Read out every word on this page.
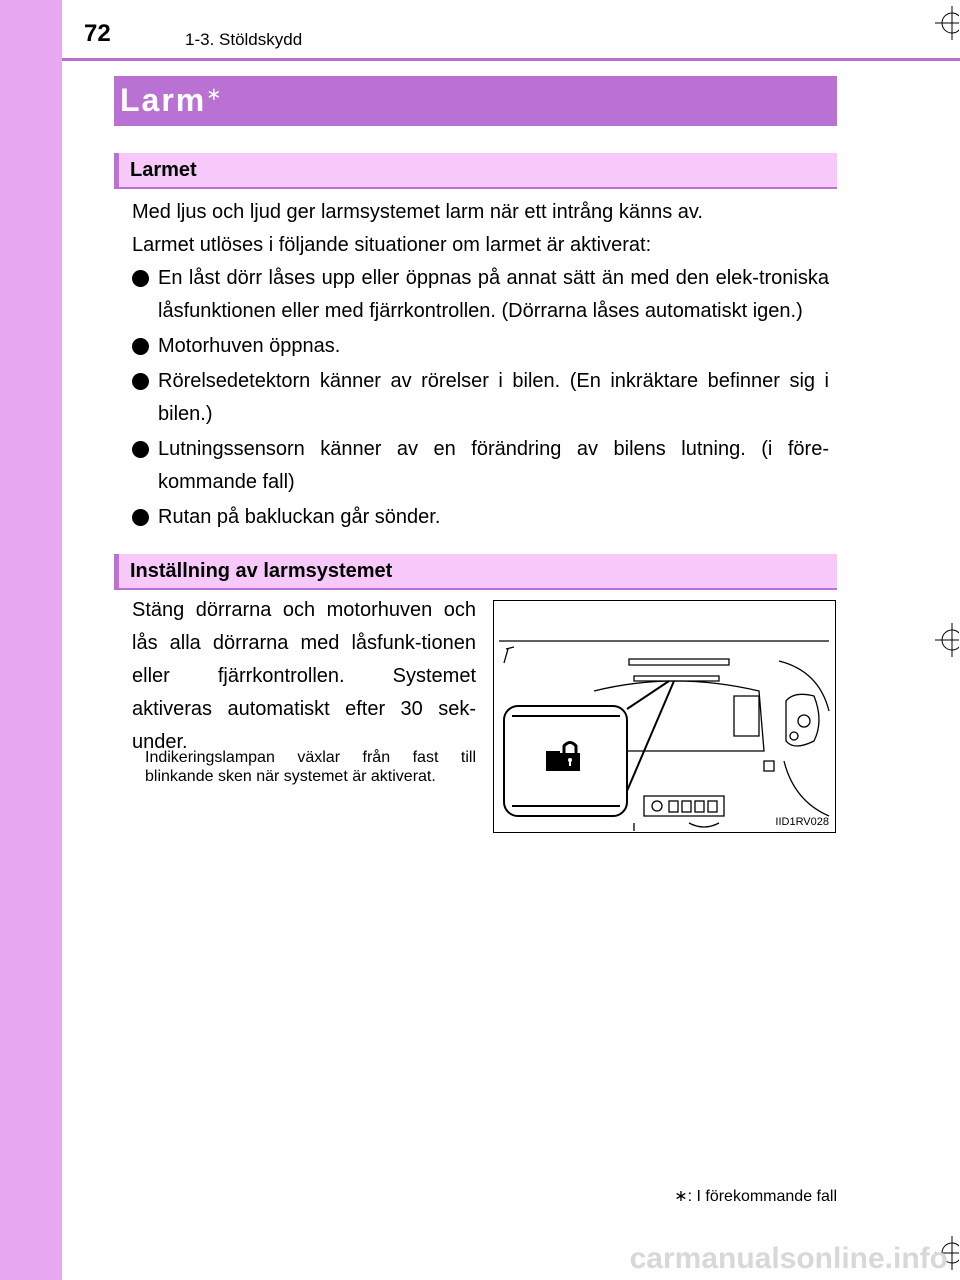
72	1-3. Stöldskydd
Larm∗
Larmet

Med ljus och ljud ger larmsystemet larm när ett intrång känns av.

Larmet utlöses i följande situationer om larmet är aktiverat:

En låst dörr låses upp eller öppnas på annat sätt än med den elek-troniska låsfunktionen eller med fjärrkontrollen. (Dörrarna låses automatiskt igen.)
Motorhuven öppnas.
Rörelsedetektorn känner av rörelser i bilen. (En inkräktare befinner sig i bilen.)
Lutningssensorn känner av en förändring av bilens lutning. (i före-kommande fall)
Rutan på bakluckan går sönder.
Inställning av larmsystemet
Stäng dörrarna och motorhuven och lås alla dörrarna med låsfunk-tionen eller fjärrkontrollen. Systemet aktiveras automatiskt efter 30 sek-under.
Indikeringslampan växlar från fast till blinkande sken när systemet är aktiverat.
IID1RV028
∗: I förekommande fall
carmanualsonline.info
